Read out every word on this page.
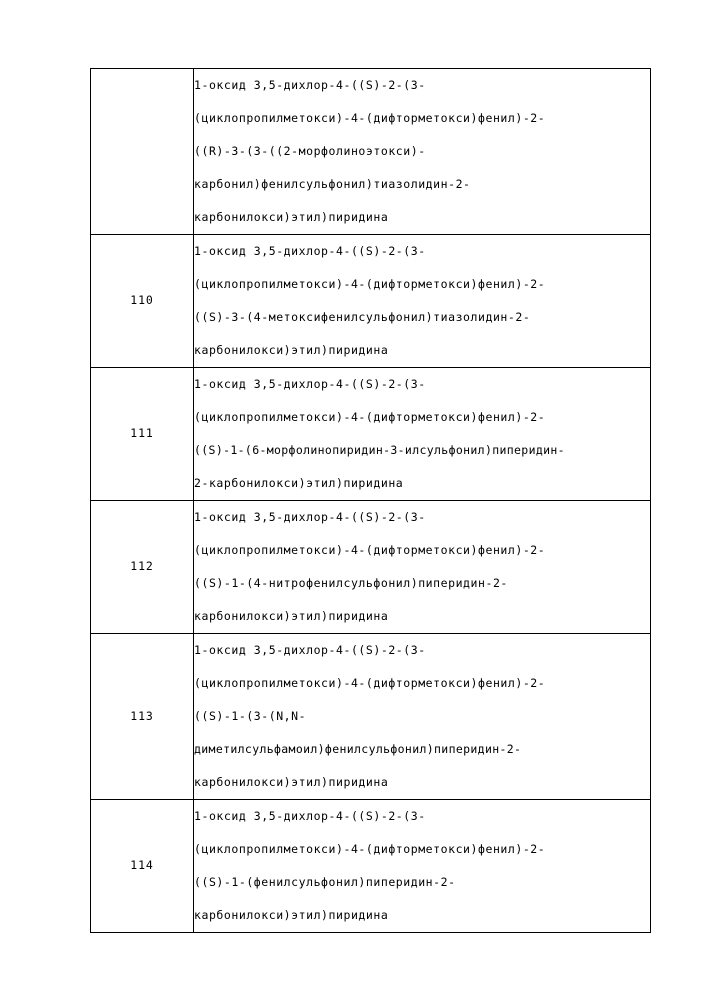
	1-оксид 3,5-дихлор-4-((S)-2-(3-
(циклопропилметокси)-4-(дифторметокси)фенил)-2-
((R)-3-(3-((2-морфолиноэтокси)-
карбонил)фенилсульфонил)тиазолидин-2-
карбонилокси)этил)пиридина

110	1-оксид 3,5-дихлор-4-((S)-2-(3-
(циклопропилметокси)-4-(дифторметокси)фенил)-2-
((S)-3-(4-метоксифенилсульфонил)тиазолидин-2-
карбонилокси)этил)пиридина

111	1-оксид 3,5-дихлор-4-((S)-2-(3-
(циклопропилметокси)-4-(дифторметокси)фенил)-2-
((S)-1-(6-морфолинопиридин-3-илсульфонил)пиперидин-
2-карбонилокси)этил)пиридина

112	1-оксид 3,5-дихлор-4-((S)-2-(3-
(циклопропилметокси)-4-(дифторметокси)фенил)-2-
((S)-1-(4-нитрофенилсульфонил)пиперидин-2-
карбонилокси)этил)пиридина

113	1-оксид 3,5-дихлор-4-((S)-2-(3-
(циклопропилметокси)-4-(дифторметокси)фенил)-2-
((S)-1-(3-(N,N-
диметилсульфамоил)фенилсульфонил)пиперидин-2-
карбонилокси)этил)пиридина

114	1-оксид 3,5-дихлор-4-((S)-2-(3-
(циклопропилметокси)-4-(дифторметокси)фенил)-2-
((S)-1-(фенилсульфонил)пиперидин-2-
карбонилокси)этил)пиридина
